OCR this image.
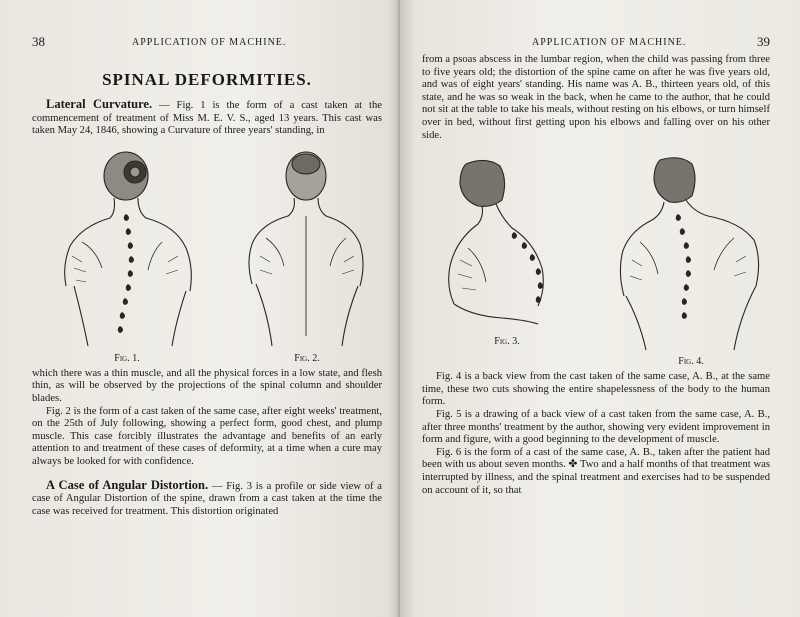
38	APPLICATION OF MACHINE.
SPINAL DEFORMITIES.

Lateral Curvature. — Fig. 1 is the form of a cast taken at the commencement of treatment of Miss M. E. V. S., aged 13 years. This cast was taken May 24, 1846, showing a Curvature of three years' standing, in

Fig. 1.	Fig. 2.

which there was a thin muscle, and all the physical forces in a low state, and flesh thin, as will be observed by the projections of the spinal column and shoulder blades.

Fig. 2 is the form of a cast taken of the same case, after eight weeks' treatment, on the 25th of July following, showing a perfect form, good chest, and plump muscle. This case forcibly illustrates the advantage and benefits of an early attention to and treatment of these cases of deformity, at a time when a cure may always be looked for with confidence.

A Case of Angular Distortion. — Fig. 3 is a profile or side view of a case of Angular Distortion of the spine, drawn from a cast taken at the time the case was received for treatment. This distortion originated

APPLICATION OF MACHINE.	39

from a psoas abscess in the lumbar region, when the child was passing from three to five years old; the distortion of the spine came on after he was five years old, and was of eight years' standing. His name was A. B., thirteen years old, of this state, and he was so weak in the back, when he came to the author, that he could not sit at the table to take his meals, without resting on his elbows, or turn himself over in bed, without first getting upon his elbows and falling over on his other side.

Fig. 3.
Fig. 4.

Fig. 4 is a back view from the cast taken of the same case, A. B., at the same time, these two cuts showing the entire shapelessness of the body to the human form.

Fig. 5 is a drawing of a back view of a cast taken from the same case, A. B., after three months' treatment by the author, showing very evident improvement in form and figure, with a good beginning to the development of muscle.

Fig. 6 is the form of a cast of the same case, A. B., taken after the patient had been with us about seven months. ✤ Two and a half months of that treatment was interrupted by illness, and the spinal treatment and exercises had to be suspended on account of it, so that
